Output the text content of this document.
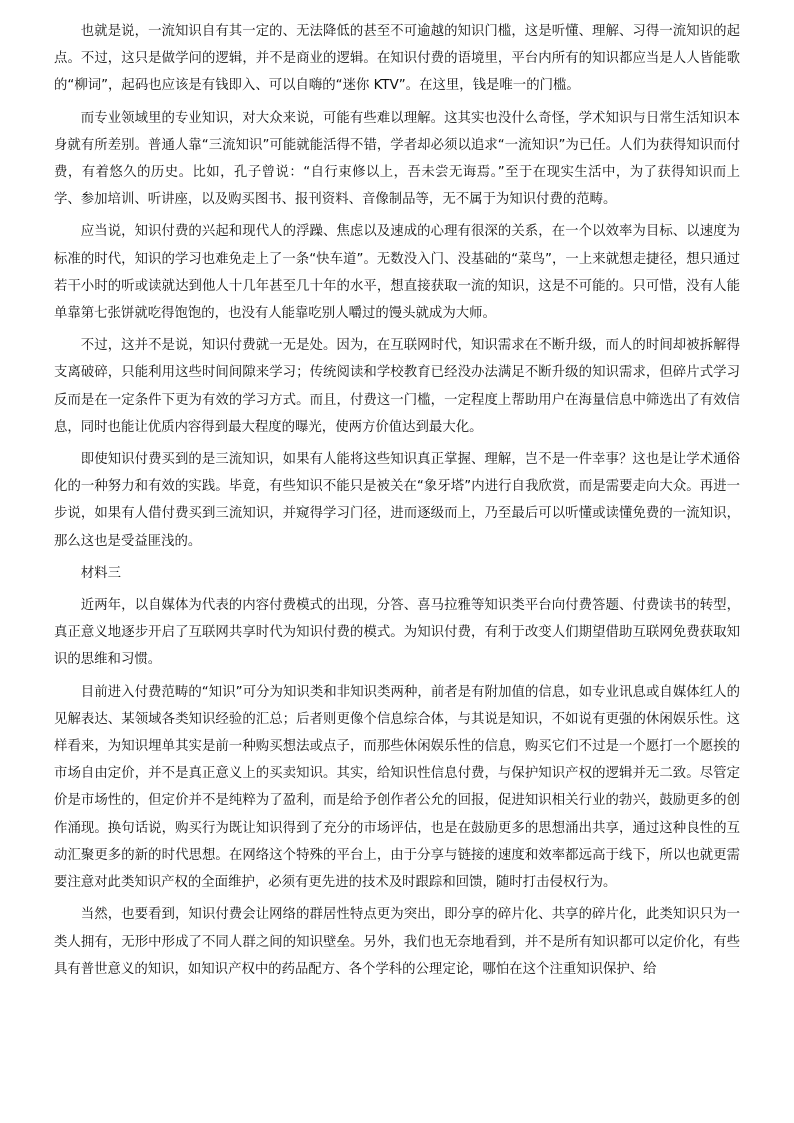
也就是说，一流知识自有其一定的、无法降低的甚至不可逾越的知识门槛，这是听懂、理解、习得一流知识的起点。不过，这只是做学问的逻辑，并不是商业的逻辑。在知识付费的语境里，平台内所有的知识都应当是人人皆能歌的“柳词”，起码也应该是有钱即入、可以自嗨的“迷你 KTV”。在这里，钱是唯一的门槛。

而专业领域里的专业知识，对大众来说，可能有些难以理解。这其实也没什么奇怪，学术知识与日常生活知识本身就有所差别。普通人靠“三流知识”可能就能活得不错，学者却必须以追求“一流知识”为已任。人们为获得知识而付费，有着悠久的历史。比如，孔子曾说：“自行束修以上，吾未尝无诲焉。”至于在现实生活中，为了获得知识而上学、参加培训、听讲座，以及购买图书、报刊资料、音像制品等，无不属于为知识付费的范畴。

应当说，知识付费的兴起和现代人的浮躁、焦虑以及速成的心理有很深的关系，在一个以效率为目标、以速度为标准的时代，知识的学习也难免走上了一条“快车道”。无数没入门、没基础的“菜鸟”，一上来就想走捷径，想只通过若干小时的听或读就达到他人十几年甚至几十年的水平，想直接获取一流的知识，这是不可能的。只可惜，没有人能单靠第七张饼就吃得饱饱的，也没有人能靠吃别人嚼过的馒头就成为大师。

不过，这并不是说，知识付费就一无是处。因为，在互联网时代，知识需求在不断升级，而人的时间却被拆解得支离破碎，只能利用这些时间间隙来学习；传统阅读和学校教育已经没办法满足不断升级的知识需求，但碎片式学习反而是在一定条件下更为有效的学习方式。而且，付费这一门槛，一定程度上帮助用户在海量信息中筛选出了有效信息，同时也能让优质内容得到最大程度的曝光，使两方价值达到最大化。

即使知识付费买到的是三流知识，如果有人能将这些知识真正掌握、理解，岂不是一件幸事？这也是让学术通俗化的一种努力和有效的实践。毕竟，有些知识不能只是被关在“象牙塔”内进行自我欣赏，而是需要走向大众。再进一步说，如果有人借付费买到三流知识，并窥得学习门径，进而逐级而上，乃至最后可以听懂或读懂免费的一流知识，那么这也是受益匪浅的。

材料三

近两年，以自媒体为代表的内容付费模式的出现，分答、喜马拉雅等知识类平台向付费答题、付费读书的转型，真正意义地逐步开启了互联网共享时代为知识付费的模式。为知识付费，有利于改变人们期望借助互联网免费获取知识的思维和习惯。

目前进入付费范畴的“知识”可分为知识类和非知识类两种，前者是有附加值的信息，如专业讯息或自媒体红人的见解表达、某领域各类知识经验的汇总；后者则更像个信息综合体，与其说是知识，不如说有更强的休闲娱乐性。这样看来，为知识埋单其实是前一种购买想法或点子，而那些休闲娱乐性的信息，购买它们不过是一个愿打一个愿挨的市场自由定价，并不是真正意义上的买卖知识。其实，给知识性信息付费，与保护知识产权的逻辑并无二致。尽管定价是市场性的，但定价并不是纯粹为了盈利，而是给予创作者公允的回报，促进知识相关行业的勃兴，鼓励更多的创作涌现。换句话说，购买行为既让知识得到了充分的市场评估，也是在鼓励更多的思想涌出共享，通过这种良性的互动汇聚更多的新的时代思想。在网络这个特殊的平台上，由于分享与链接的速度和效率都远高于线下，所以也就更需要注意对此类知识产权的全面维护，必须有更先进的技术及时跟踪和回馈，随时打击侵权行为。

当然，也要看到，知识付费会让网络的群居性特点更为突出，即分享的碎片化、共享的碎片化，此类知识只为一类人拥有，无形中形成了不同人群之间的知识壁垒。另外，我们也无奈地看到，并不是所有知识都可以定价化，有些具有普世意义的知识，如知识产权中的药品配方、各个学科的公理定论，哪怕在这个注重知识保护、给
